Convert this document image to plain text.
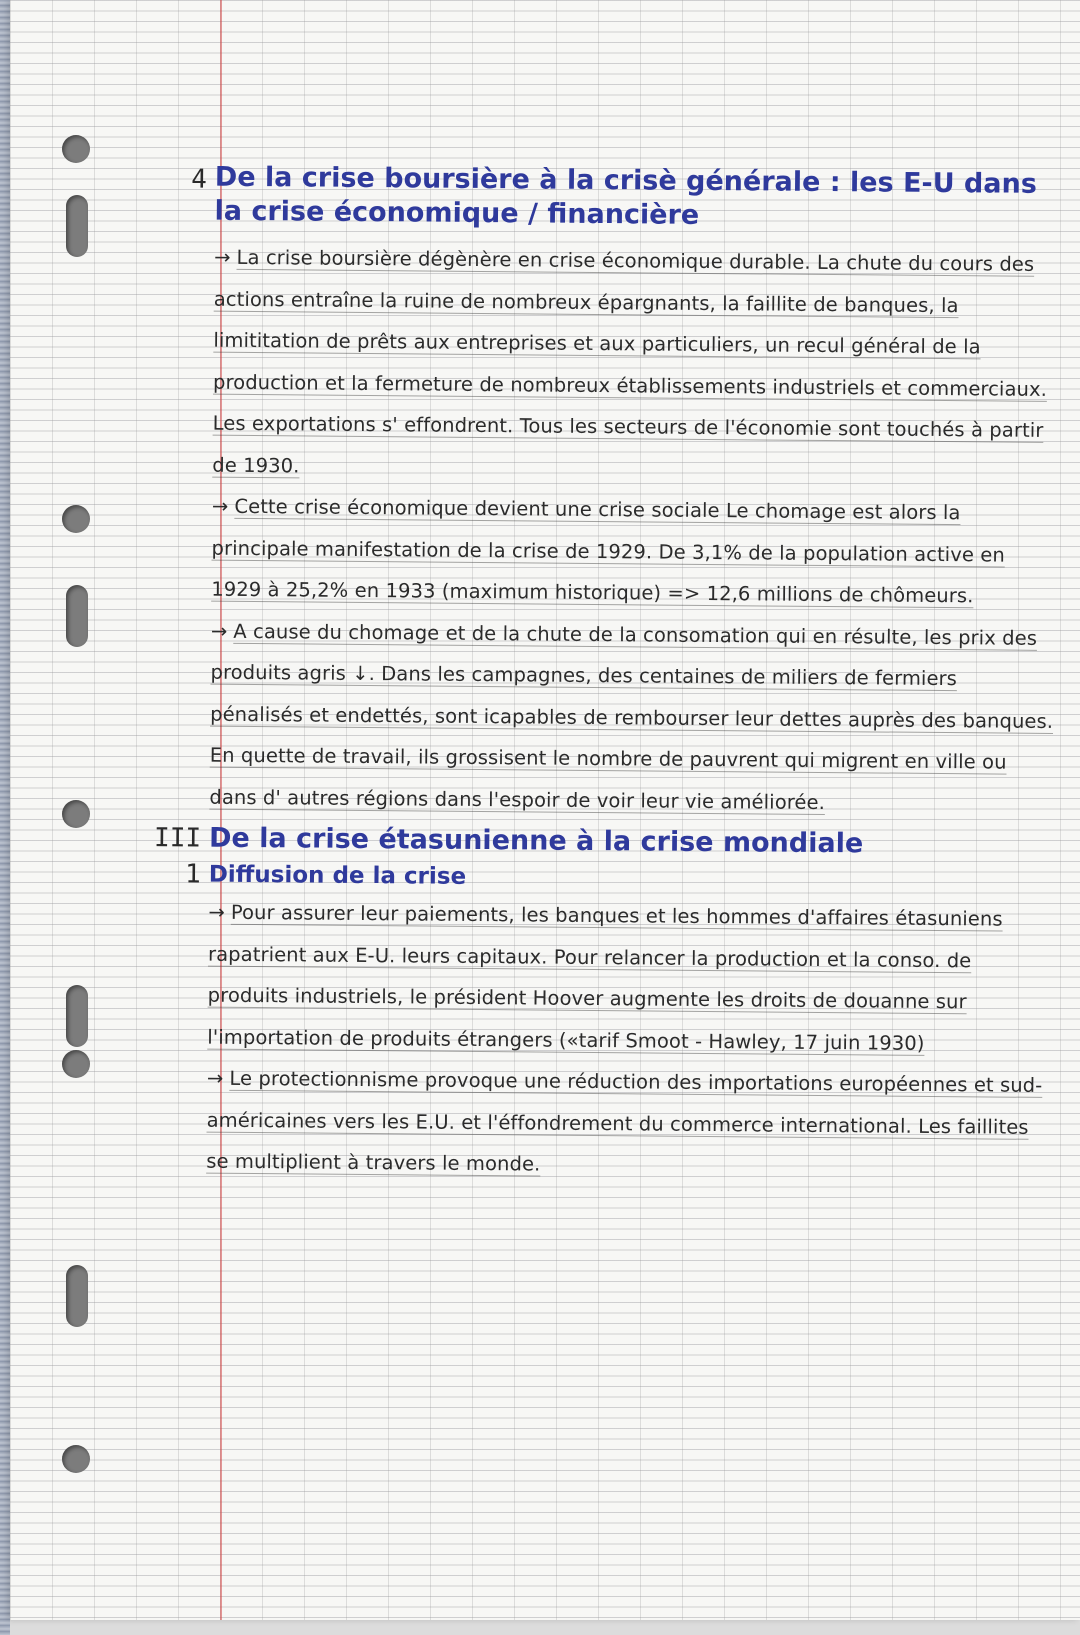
4 De la crise boursière à la crisè générale : les E-U dans la crise économique / financière
→ La crise boursière dégènère en crise économique durable. La chute du cours des actions entraîne la ruine de nombreux épargnants, la faillite de banques, la limititation de prêts aux entreprises et aux particuliers, un recul général de la production et la fermeture de nombreux établissements industriels et commerciaux. Les exportations s' effondrent. Tous les secteurs de l'économie sont touchés à partir de 1930.
→ Cette crise économique devient une crise sociale Le chomage est alors la principale manifestation de la crise de 1929. De 3,1% de la population active en 1929 à 25,2% en 1933 (maximum historique) => 12,6 millions de chômeurs.
→ A cause du chomage et de la chute de la consomation qui en résulte, les prix des produits agris ↓. Dans les campagnes, des centaines de miliers de fermiers pénalisés et endettés, sont icapables de rembourser leur dettes auprès des banques. En quette de travail, ils grossisent le nombre de pauvrent qui migrent en ville ou dans d' autres régions dans l'espoir de voir leur vie améliorée.
III De la crise étasunienne à la crise mondiale
1 Diffusion de la crise
→ Pour assurer leur paiements, les banques et les hommes d'affaires étasuniens rapatrient aux E-U. leurs capitaux. Pour relancer la production et la conso. de produits industriels, le président Hoover augmente les droits de douanne sur l'importation de produits étrangers («tarif Smoot - Hawley, 17 juin 1930)
→ Le protectionnisme provoque une réduction des importations européennes et sud-américaines vers les E.U. et l'éffondrement du commerce international. Les faillites se multiplient à travers le monde.
